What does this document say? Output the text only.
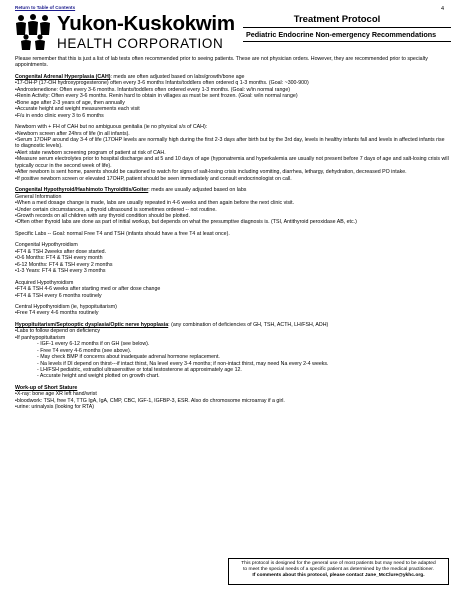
Return to Table of Contents
Yukon-Kuskokwim
HEALTH CORPORATION
4
Treatment Protocol
Pediatric Endocrine Non-emergency Recommendations

Please remember that this is just a list of lab tests often recommended prior to seeing patients. These are not physician orders. However, they are recommended prior to specialty appointments.

Congenital Adrenal Hyperplasia (CAH): meds are often adjusted based on labs/growth/bone age

• 17-OH-P (17-OH hydroxyprogesterone) often every 3-6 months Infants/toddlers often ordered q 1-3 months. (Goal: ~300-900)
• Androstenedione: Often every 3-6 months. Infants/toddlers often ordered every 1-3 months. (Goal: w/in normal range)
• Renin Activity: Often every 3-6 months. Renin hard to obtain in villages as must be sent frozen. (Goal: w/in normal range)
• Bone age after 2-3 years of age, then annually
• Accurate height and weight measurements each visit
• F/u in endo clinic every 3 to 6 months

Newborn with + FH of CAH but no ambiguous genitalia (ie no physical s/s of CAH):

• Newborn screen after 24hrs of life (in all infants).
• Serum 17OHP around day 3-4 of life (17OHP levels are normally high during the first 2-3 days after birth but by the 3rd day, levels in healthy infants fall and levels in affected infants rise to diagnostic levels).
• Alert state newborn screening program of patient at risk of CAH.
• Measure serum electrolytes prior to hospital discharge and at 5 and 10 days of age (hyponatremia and hyperkalemia are usually not present before 7 days of age and salt-losing crisis will typically occur in the second week of life).
• After newborn is sent home, parents should be cautioned to watch for signs of salt-losing crisis including vomiting, diarrhea, lethargy, dehydration, decreased PO intake.
• If positive newborn screen or elevated 17OHP, patient should be seen immediately and consult endocrinologist on call.

Congenital Hypothyroid/Hashimoto Thyroiditis/Goiter: meds are usually adjusted based on labs

General Information

• When a med dosage change is made, labs are usually repeated in 4-6 weeks and then again before the next clinic visit.
• Under certain circumstances, a thyroid ultrasound is sometimes ordered -- not routine.
• Growth records on all children with any thyroid condition should be plotted.
• Often other thyroid labs are done as part of initial workup, but depends on what the presumptive diagnosis is. (TSI, Antithyroid peroxidase AB, etc.)

Specific Labs -- Goal: normal Free T4 and TSH (infants should have a free T4 at least once).

Congenital Hypothyroidism

• FT4 & TSH 2weeks after dose started.
• 0-6 Months: FT4 & TSH every month
• 6-12 Months: FT4 & TSH every 2 months
• 1-3 Years: FT4 & TSH every 3 months

Acquired Hypothyroidism

• FT4 & TSH 4-6 weeks after starting med or after dose change
• FT4 & TSH every 6 months routinely

Central Hypothyroidism (ie, hypopituitarism)

• Free T4 every 4-6 months routinely

Hypopituitarism/Septooptic dysplasia/Optic nerve hypoplasia: (any combination of deficiencies of GH, TSH, ACTH, LH/FSH, ADH)

• Labs to follow depend on deficiency
• If panhypopituitarism
- IGF-1 every 6-12 months if on GH (see below).
- Free T4 every 4-6 months (see above).
- May check BMP if concerns about inadequate adrenal hormone replacement.
- Na levels if DI depend on thirst---if intact thirst, Na level every 3-4 months; if non-intact thirst, may need Na every 2-4 weeks.
- LH/FSH pediatric, estradiol ultrasensitive or total testosterone at approximately age 12.
- Accurate height and weight plotted on growth chart.

Work-up of Short Stature

• X-ray: bone age XR left hand/wrist
• bloodwork: TSH, free T4, TTG IgA, IgA, CMP, CBC, IGF-1, IGFBP-3, ESR. Also do chromosome microarray if a girl.
• urine: urinalysis (looking for RTA)
This protocol is designed for the general use of most patients but may need to be adapted
to meet the special needs of a specific patient as determined by the medical practitioner.
If comments about this protocol, please contact Jane_McClure@ykhc.org.
